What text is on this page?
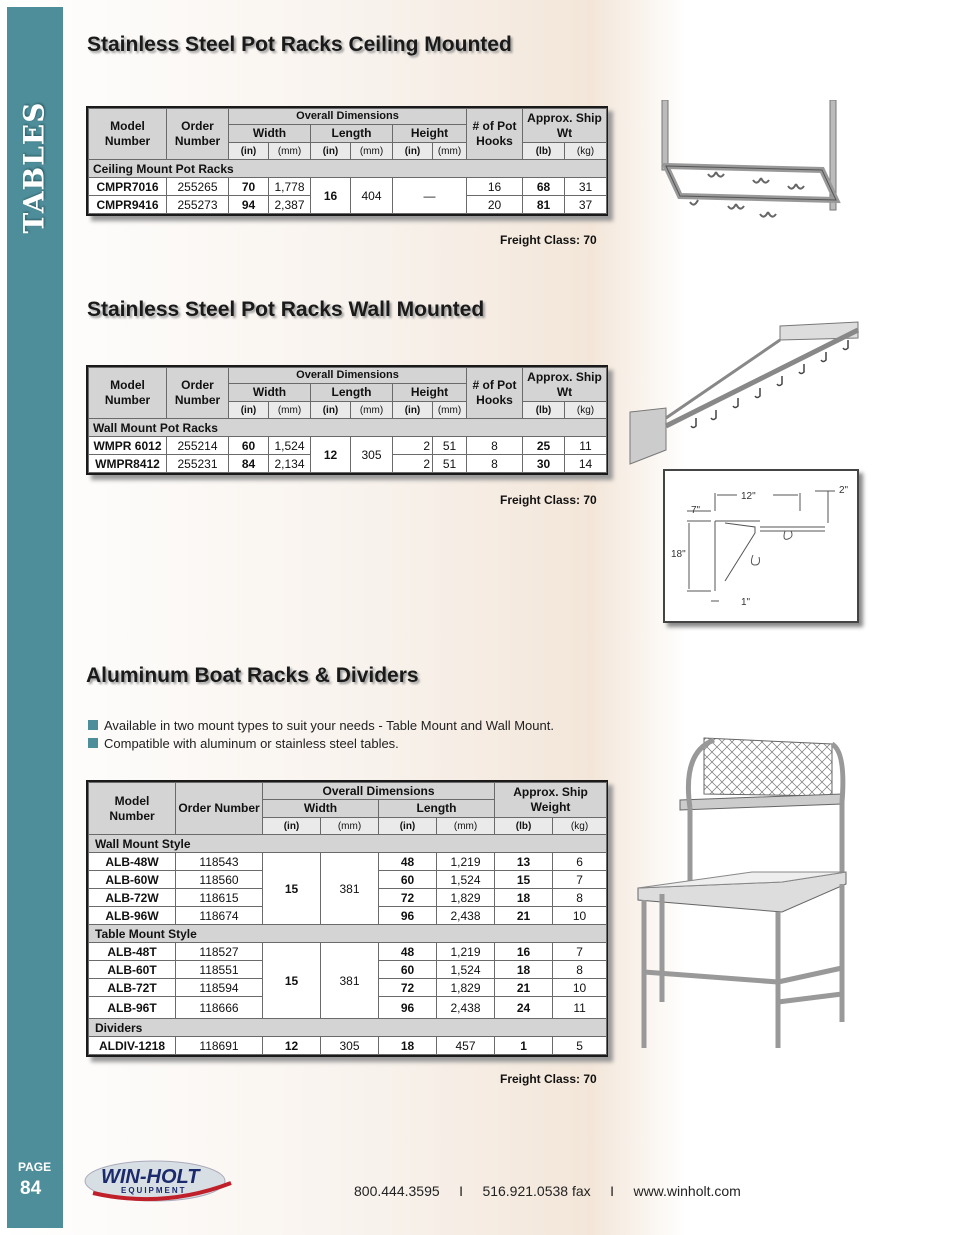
TABLES
PAGE
84
Stainless Steel Pot Racks Ceiling Mounted
Model Number	Order Number	Overall Dimensions						# of Pot Hooks	Approx. Ship Wt	
		Width		Length		Height				
		(in)	(mm)	(in)	(mm)	(in)	(mm)		(lb)	(kg)
Ceiling Mount Pot Racks										
CMPR7016	255265	70	1,778	16	404	—		16	68	31
CMPR9416	255273	94	2,387					20	81	37
Freight Class: 70
Stainless Steel Pot Racks Wall Mounted
Model Number	Order Number	Overall Dimensions						# of Pot Hooks	Approx. Ship Wt	
		Width		Length		Height				
		(in)	(mm)	(in)	(mm)	(in)	(mm)		(lb)	(kg)
Wall Mount Pot Racks										
WMPR 6012	255214	60	1,524	12	305	2	51	8	25	11
WMPR8412	255231	84	2,134			2	51	8	30	14
Freight Class: 70	12"
2"
7"
18"
1"
Aluminum Boat Racks & Dividers
Available in two mount types to suit your needs - Table Mount and Wall Mount.
Compatible with aluminum or stainless steel tables.
Model Number	Order Number	Overall Dimensions				Approx. Ship Weight	
		Width		Length			
		(in)	(mm)	(in)	(mm)	(lb)	(kg)
Wall Mount Style							
ALB-48W	118543	15	381	48	1,219	13	6
ALB-60W	118560			60	1,524	15	7
ALB-72W	118615			72	1,829	18	8
ALB-96W	118674			96	2,438	21	10
Table Mount Style							
ALB-48T	118527	15	381	48	1,219	16	7
ALB-60T	118551			60	1,524	18	8
ALB-72T	118594			72	1,829	21	10
ALB-96T	118666			96	2,438	24	11
Dividers							
ALDIV-1218	118691	12	305	18	457	1	5
Freight Class: 70
WIN-HOLT
EQUIPMENT	800.444.3595 I 516.921.0538 fax I www.winholt.com
